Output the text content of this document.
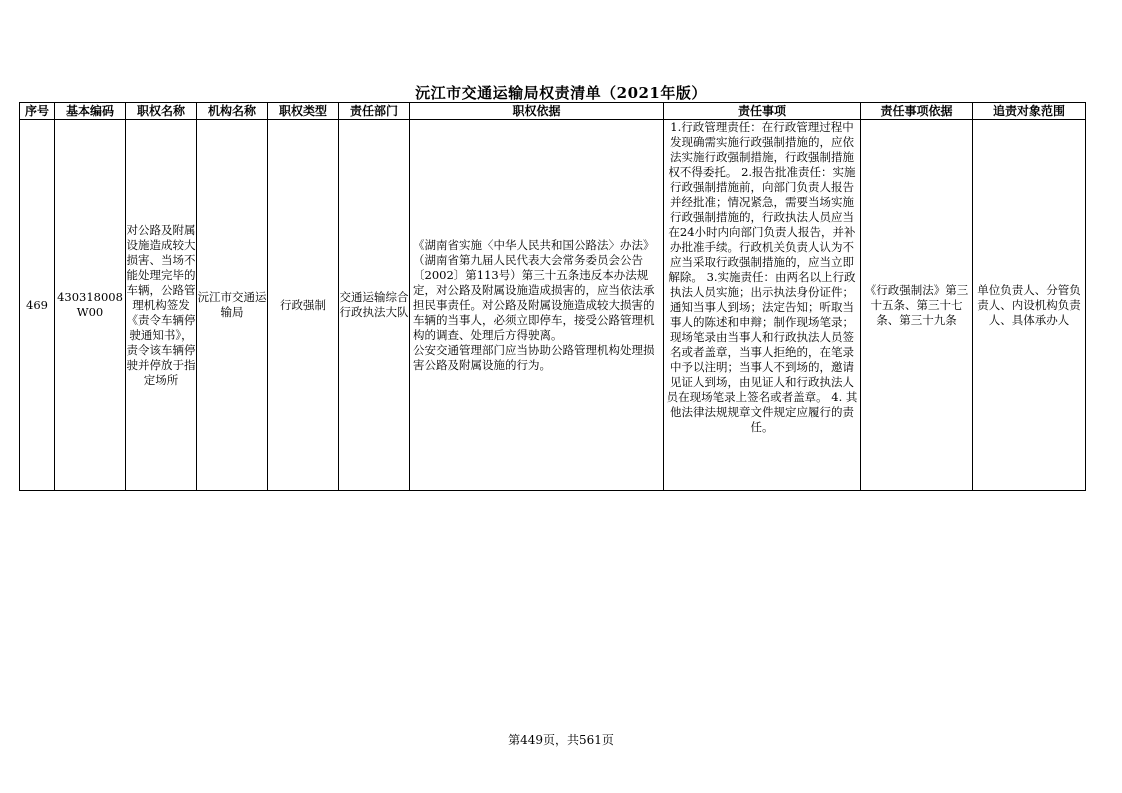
沅江市交通运输局权责清单（2021年版）
序号	基本编码	职权名称	机构名称	职权类型	责任部门	职权依据	责任事项	责任事项依据	追责对象范围
469	430318008W00	对公路及附属设施造成较大损害、当场不能处理完毕的车辆，公路管理机构签发《责令车辆停驶通知书》，责令该车辆停驶并停放于指定场所	沅江市交通运输局	行政强制	交通运输综合行政执法大队	《湖南省实施〈中华人民共和国公路法〉办法》（湖南省第九届人民代表大会常务委员会公告〔2002〕第113号）第三十五条违反本办法规定，对公路及附属设施造成损害的，应当依法承担民事责任。对公路及附属设施造成较大损害的车辆的当事人，必须立即停车，接受公路管理机构的调查、处理后方得驶离。
公安交通管理部门应当协助公路管理机构处理损害公路及附属设施的行为。	1.行政管理责任：在行政管理过程中发现确需实施行政强制措施的，应依法实施行政强制措施，行政强制措施权不得委托。 2.报告批准责任：实施行政强制措施前，向部门负责人报告并经批准；情况紧急，需要当场实施行政强制措施的，行政执法人员应当在24小时内向部门负责人报告，并补办批准手续。行政机关负责人认为不应当采取行政强制措施的，应当立即解除。 3.实施责任：由两名以上行政执法人员实施；出示执法身份证件；通知当事人到场；法定告知；听取当事人的陈述和申辩；制作现场笔录；现场笔录由当事人和行政执法人员签名或者盖章，当事人拒绝的，在笔录中予以注明；当事人不到场的，邀请见证人到场，由见证人和行政执法人员在现场笔录上签名或者盖章。 4. 其他法律法规规章文件规定应履行的责任。	《行政强制法》第三十五条、第三十七条、第三十九条	单位负责人、分管负责人、内设机构负责人、具体承办人
第449页，共561页
